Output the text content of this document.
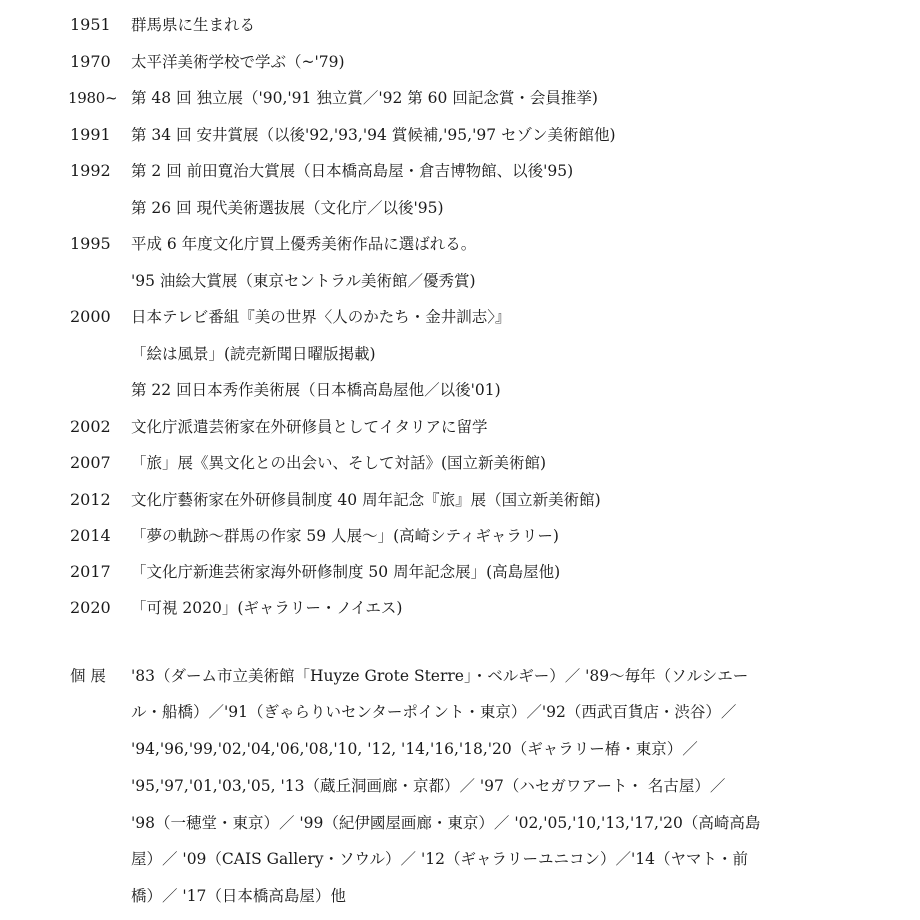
1951 群馬県に生まれる
1970 太平洋美術学校で学ぶ（~'79)
1980~ 第 48 回 独立展（'90,'91 独立賞／'92 第 60 回記念賞・会員推挙)
1991 第 34 回 安井賞展（以後'92,'93,'94 賞候補,'95,'97 セゾン美術館他)
1992 第 2 回 前田寛治大賞展（日本橋高島屋・倉吉博物館、以後'95)
第 26 回 現代美術選抜展（文化庁／以後'95)
1995 平成 6 年度文化庁買上優秀美術作品に選ばれる。
'95 油絵大賞展（東京セントラル美術館／優秀賞)
2000 日本テレビ番組『美の世界〈人のかたち・金井訓志〉』
「絵は風景」(読売新聞日曜版掲載)
第 22 回日本秀作美術展（日本橋高島屋他／以後'01)
2002 文化庁派遣芸術家在外研修員としてイタリアに留学
2007 「旅」展《異文化との出会い、そして対話》(国立新美術館)
2012 文化庁藝術家在外研修員制度 40 周年記念『旅』展（国立新美術館)
2014 「夢の軌跡～群馬の作家 59 人展～」(高崎シティギャラリー)
2017 「文化庁新進芸術家海外研修制度 50 周年記念展」(高島屋他)
2020 「可視 2020」(ギャラリー・ノイエス)
個 展 '83（ダーム市立美術館「Huyze Grote Sterre」・ベルギー）／ '89～毎年（ソルシエー
ル・船橋）／'91（ぎゃらりいセンターポイント・東京）／'92（西武百貨店・渋谷）／
'94,'96,'99,'02,'04,'06,'08,'10, '12, '14,'16,'18,'20（ギャラリー椿・東京）／
'95,'97,'01,'03,'05, '13（蔵丘洞画廊・京都）／ '97（ハセガワアート・ 名古屋）／
'98（一穂堂・東京）／ '99（紀伊國屋画廊・東京）／ '02,'05,'10,'13,'17,'20（高崎高島
屋）／ '09（CAIS Gallery・ソウル）／ '12（ギャラリーユニコン）／'14（ヤマト・前
橋）／ '17（日本橋高島屋）他
